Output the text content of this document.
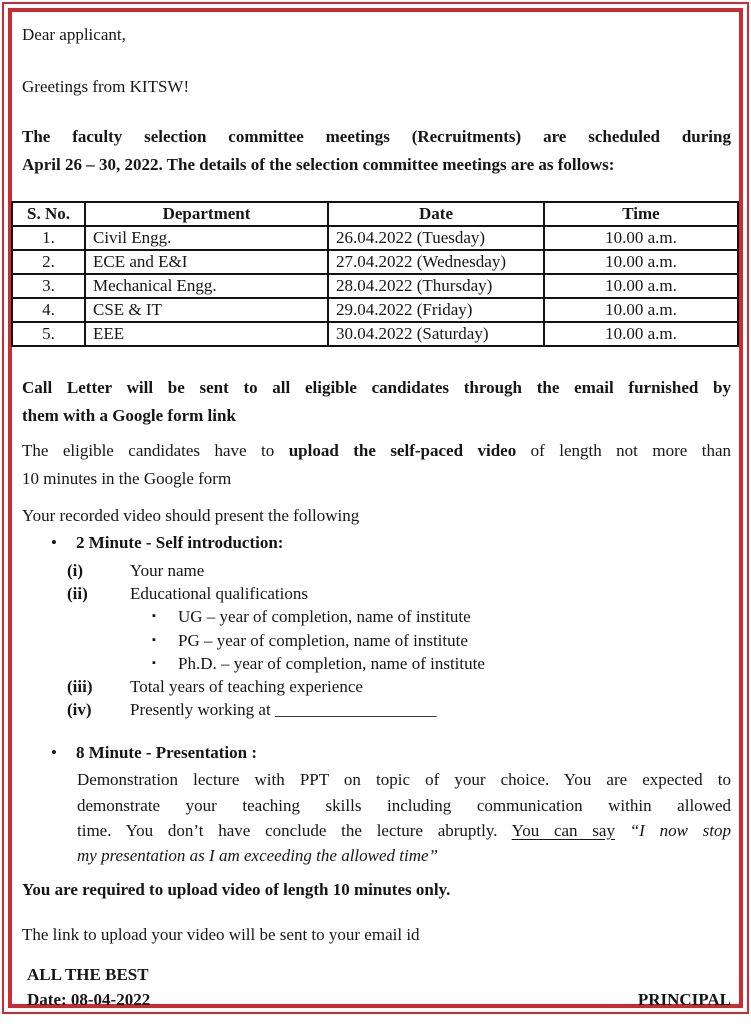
Dear applicant,
Greetings from KITSW!
The faculty selection committee meetings (Recruitments) are scheduled during
April 26 – 30, 2022. The details of the selection committee meetings are as follows:
S. No.	Department	Date	Time
1.	Civil Engg.	26.04.2022 (Tuesday)	10.00 a.m.
2.	ECE and E&I	27.04.2022 (Wednesday)	10.00 a.m.
3.	Mechanical Engg.	28.04.2022 (Thursday)	10.00 a.m.
4.	CSE & IT	29.04.2022 (Friday)	10.00 a.m.
5.	EEE	30.04.2022 (Saturday)	10.00 a.m.
Call Letter will be sent to all eligible candidates through the email furnished by
them with a Google form link
The eligible candidates have to upload the self-paced video of length not more than
10 minutes in the Google form
Your recorded video should present the following
•	2 Minute - Self introduction:
(i)	Your name
(ii)	Educational qualifications
▪	UG – year of completion, name of institute
▪	PG – year of completion, name of institute
▪	Ph.D. – year of completion, name of institute
(iii)	Total years of teaching experience
(iv)	Presently working at ___________________
•	8 Minute - Presentation :
Demonstration lecture with PPT on topic of your choice. You are expected to
demonstrate your teaching skills including communication within allowed
time. You don’t have conclude the lecture abruptly. You can say “I now stop
my presentation as I am exceeding the allowed time”
You are required to upload video of length 10 minutes only.
The link to upload your video will be sent to your email id
ALL THE BEST
Date: 08-04-2022	PRINCIPAL
